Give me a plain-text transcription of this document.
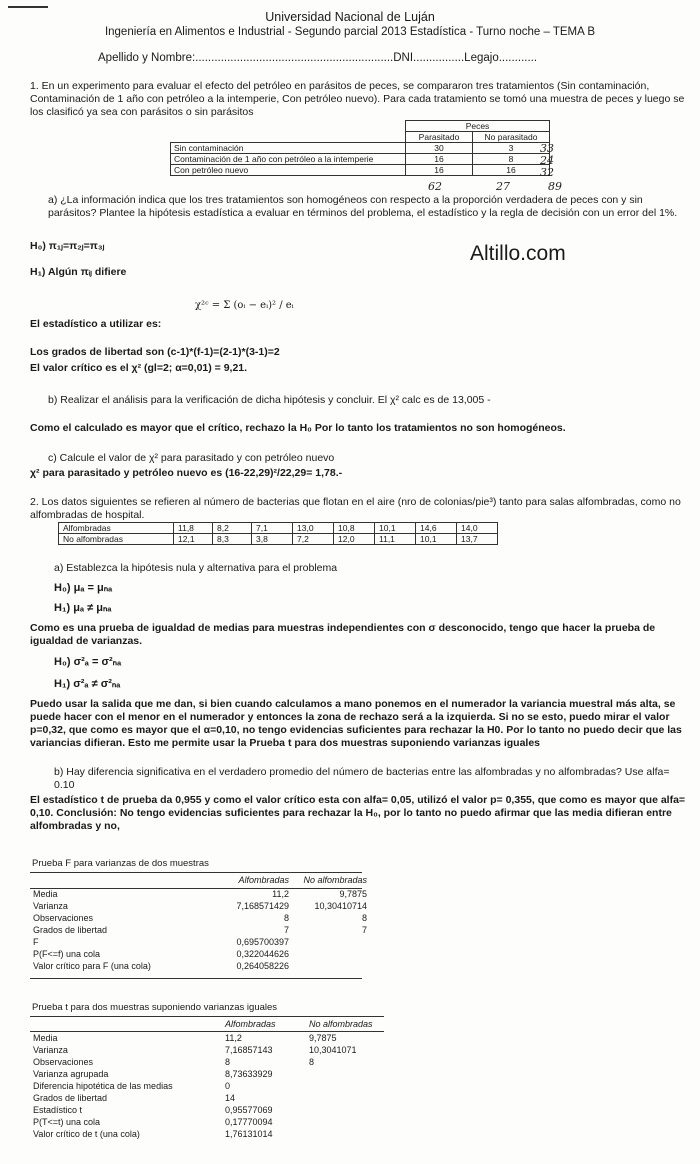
Universidad Nacional de Luján
Ingeniería en Alimentos e Industrial - Segundo parcial 2013 Estadística - Turno noche – TEMA B
Apellido y Nombre:..............................................................DNI................Legajo............
1. En un experimento para evaluar el efecto del petróleo en parásitos de peces, se compararon tres tratamientos (Sin contaminación, Contaminación de 1 año con petróleo a la intemperie, Con petróleo nuevo). Para cada tratamiento se tomó una muestra de peces y luego se los clasificó ya sea con parásitos o sin parásitos
	Peces	
	Parasitado	No parasitado
Sin contaminación	30	3
Contaminación de 1 año con petróleo a la intemperie	16	8
Con petróleo nuevo	16	16
33
24
32
62	27	89
a) ¿La información indica que los tres tratamientos son homogéneos con respecto a la proporción verdadera de peces con y sin parásitos? Plantee la hipótesis estadística a evaluar en términos del problema, el estadístico y la regla de decisión con un error del 1%.
H₀) π₁ⱼ=π₂ⱼ=π₃ⱼ
H₁) Algún πᵢⱼ difiere
Altillo.com
El estadístico a utilizar es:
χ²ᶜ = Σ (oᵢ − eᵢ)² / eᵢ
Los grados de libertad son (c-1)*(f-1)=(2-1)*(3-1)=2
El valor crítico es el χ² (gl=2; α=0,01) = 9,21.
b) Realizar el análisis para la verificación de dicha hipótesis y concluir. El χ² calc es de 13,005 -
Como el calculado es mayor que el crítico, rechazo la H₀ Por lo tanto los tratamientos no son homogéneos.
c) Calcule el valor de χ² para parasitado y con petróleo nuevo
χ² para parasitado y petróleo nuevo es (16-22,29)²/22,29= 1,78.-
2. Los datos siguientes se refieren al número de bacterias que flotan en el aire (nro de colonias/pie³) tanto para salas alfombradas, como no alfombradas de hospital.
Alfombradas	11,8	8,2	7,1	13,0	10,8	10,1	14,6	14,0
No alfombradas	12,1	8,3	3,8	7,2	12,0	11,1	10,1	13,7
a) Establezca la hipótesis nula y alternativa para el problema
H₀) μₐ = μₙₐ
H₁) μₐ ≠ μₙₐ
Como es una prueba de igualdad de medias para muestras independientes con σ desconocido, tengo que hacer la prueba de igualdad de varianzas.
H₀) σ²ₐ = σ²ₙₐ
H₁) σ²ₐ ≠ σ²ₙₐ
Puedo usar la salida que me dan, si bien cuando calculamos a mano ponemos en el numerador la variancia muestral más alta, se puede hacer con el menor en el numerador y entonces la zona de rechazo será a la izquierda. Si no se esto, puedo mirar el valor p=0,32, que como es mayor que el α=0,10, no tengo evidencias suficientes para rechazar la H0. Por lo tanto no puedo decir que las variancias difieran. Esto me permite usar la Prueba t para dos muestras suponiendo varianzas iguales
b) Hay diferencia significativa en el verdadero promedio del número de bacterias entre las alfombradas y no alfombradas? Use alfa= 0.10
El estadístico t de prueba da 0,955 y como el valor crítico esta con alfa= 0,05, utilizó el valor p= 0,355, que como es mayor que alfa= 0,10. Conclusión: No tengo evidencias suficientes para rechazar la H₀, por lo tanto no puedo afirmar que las media difieran entre alfombradas y no,
Prueba F para varianzas de dos muestras
	Alfombradas	No alfombradas
Media	11,2	9,7875
Varianza	7,168571429	10,30410714
Observaciones	8	8
Grados de libertad	7	7
F	0,695700397	
P(F<=f) una cola	0,322044626	
Valor crítico para F (una cola)	0,264058226	
Prueba t para dos muestras suponiendo varianzas iguales
	Alfombradas	No alfombradas
Media	11,2	9,7875
Varianza	7,16857143	10,3041071
Observaciones	8	8
Varianza agrupada	8,73633929	
Diferencia hipotética de las medias	0	
Grados de libertad	14	
Estadístico t	0,95577069	
P(T<=t) una cola	0,17770094	
Valor crítico de t (una cola)	1,76131014	
